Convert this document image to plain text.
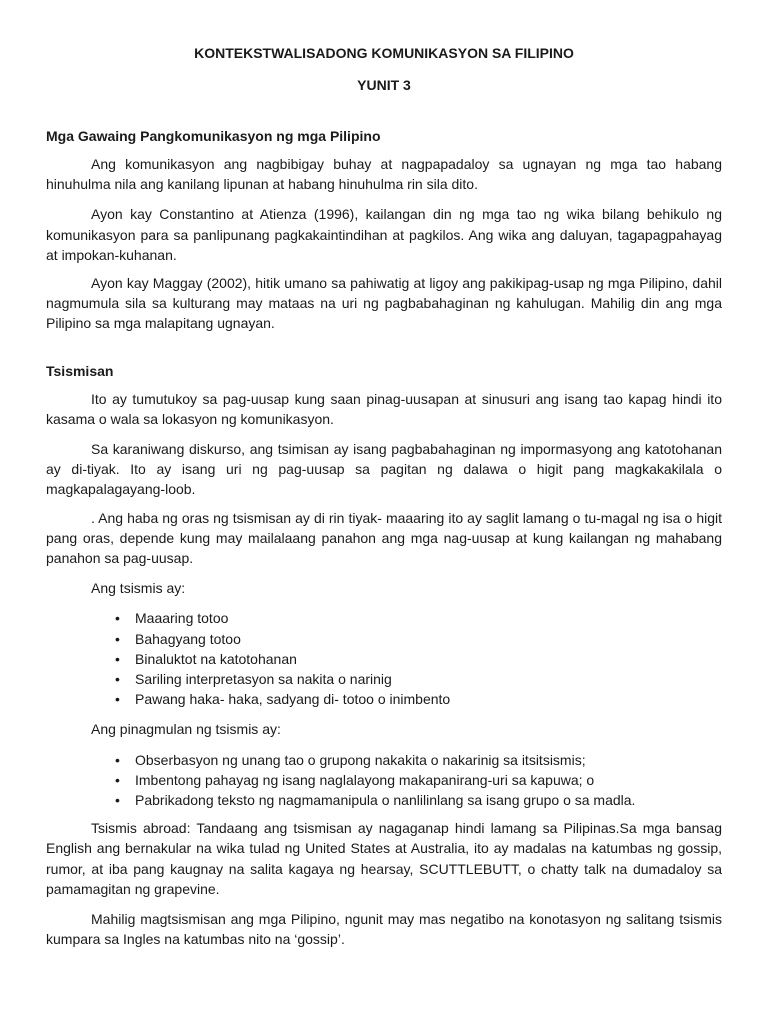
KONTEKSTWALISADONG KOMUNIKASYON SA FILIPINO
YUNIT 3
Mga Gawaing Pangkomunikasyon ng mga Pilipino

Ang komunikasyon ang nagbibigay buhay at nagpapadaloy sa ugnayan ng mga tao habang hinuhulma nila ang kanilang lipunan at habang hinuhulma rin sila dito.

Ayon kay Constantino at Atienza (1996), kailangan din ng mga tao ng wika bilang behikulo ng komunikasyon para sa panlipunang pagkakaintindihan at pagkilos. Ang wika ang daluyan, tagapagpahayag at impokan-kuhanan.

Ayon kay Maggay (2002), hitik umano sa pahiwatig at ligoy ang pakikipag-usap ng mga Pilipino, dahil nagmumula sila sa kulturang may mataas na uri ng pagbabahaginan ng kahulugan. Mahilig din ang mga Pilipino sa mga malapitang ugnayan.

Tsismisan

Ito ay tumutukoy sa pag-uusap kung saan pinag-uusapan at sinusuri ang isang tao kapag hindi ito kasama o wala sa lokasyon ng komunikasyon.

Sa karaniwang diskurso, ang tsimisan ay isang pagbabahaginan ng impormasyong ang katotohanan ay di-tiyak. Ito ay isang uri ng pag-uusap sa pagitan ng dalawa o higit pang magkakakilala o magkapalagayang-loob.

. Ang haba ng oras ng tsismisan ay di rin tiyak- maaaring ito ay saglit lamang o tu-magal ng isa o higit pang oras, depende kung may mailalaang panahon ang mga nag-uusap at kung kailangan ng mahabang panahon sa pag-uusap.

Ang tsismis ay:

• Maaaring totoo
• Bahagyang totoo
• Binaluktot na katotohanan
• Sariling interpretasyon sa nakita o narinig
• Pawang haka- haka, sadyang di- totoo o inimbento

Ang pinagmulan ng tsismis ay:

• Obserbasyon ng unang tao o grupong nakakita o nakarinig sa itsitsismis;
• Imbentong pahayag ng isang naglalayong makapanirang-uri sa kapuwa; o
• Pabrikadong teksto ng nagmamanipula o nanlilinlang sa isang grupo o sa madla.

Tsismis abroad: Tandaang ang tsismisan ay nagaganap hindi lamang sa Pilipinas.Sa mga bansag English ang bernakular na wika tulad ng United States at Australia, ito ay madalas na katumbas ng gossip, rumor, at iba pang kaugnay na salita kagaya ng hearsay, SCUTTLEBUTT, o chatty talk na dumadaloy sa pamamagitan ng grapevine.

Mahilig magtsismisan ang mga Pilipino, ngunit may mas negatibo na konotasyon ng salitang tsismis kumpara sa Ingles na katumbas nito na ‘gossip’.
